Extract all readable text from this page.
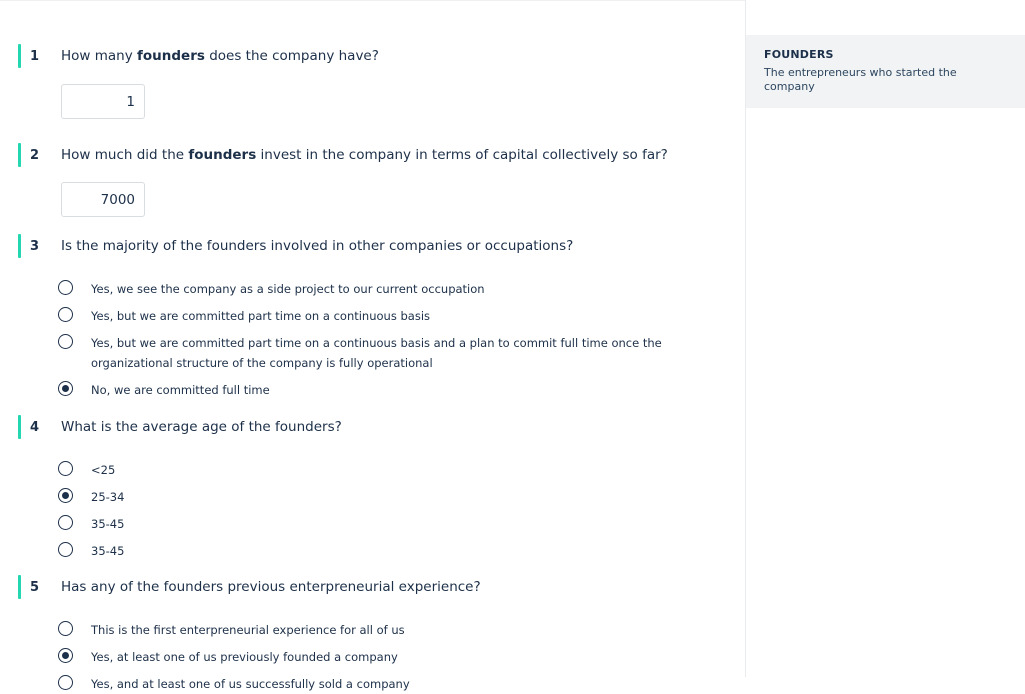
1	How many founders does the company have?
1
2	How much did the founders invest in the company in terms of capital collectively so far?
7000
3	Is the majority of the founders involved in other companies or occupations?
Yes, we see the company as a side project to our current occupation
Yes, but we are committed part time on a continuous basis
Yes, but we are committed part time on a continuous basis and a plan to commit full time once the organizational structure of the company is fully operational
No, we are committed full time
4	What is the average age of the founders?
<25
25-34
35-45
35-45
5	Has any of the founders previous enterpreneurial experience?
This is the first enterpreneurial experience for all of us
Yes, at least one of us previously founded a company
Yes, and at least one of us successfully sold a company
FOUNDERS
The entrepreneurs who started the company
